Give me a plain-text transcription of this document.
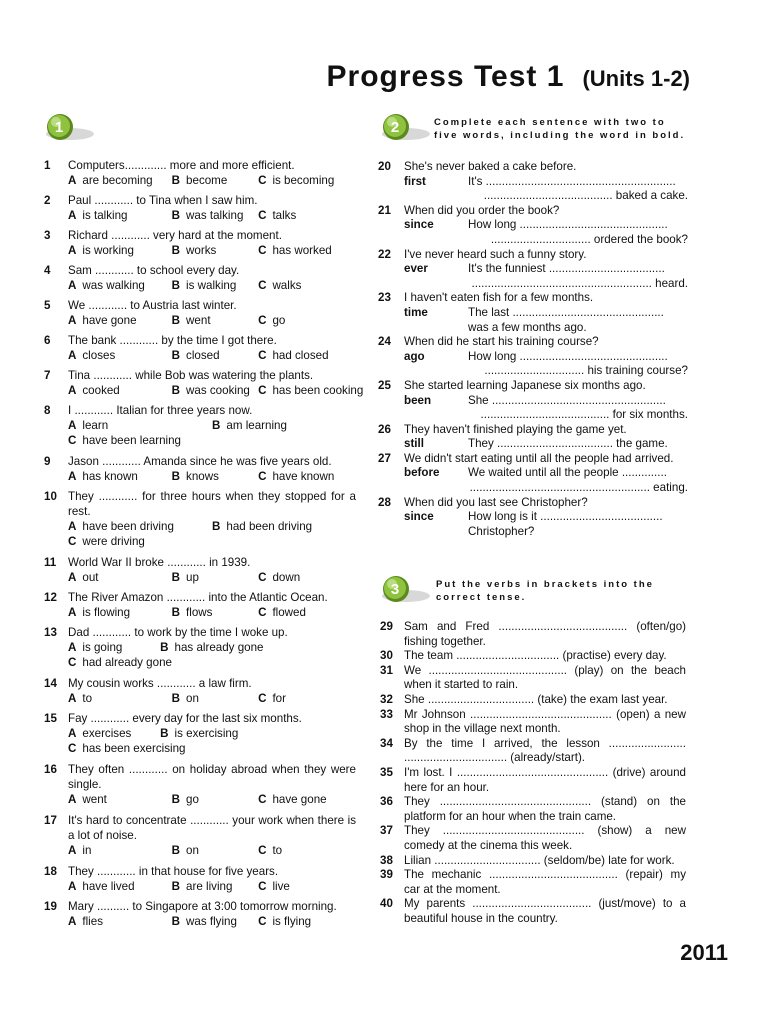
Progress Test 1 (Units 1-2)
1	2	Complete each sentence with two to five words, including the word in bold.
3	Put the verbs in brackets into the correct tense.
1	Computers............. more and more efficient.
A are becoming	B become	C is becoming
2	Paul ............ to Tina when I saw him.
A is talking	B was talking	C talks
3	Richard ............ very hard at the moment.
A is working	B works	C has worked
4	Sam ............ to school every day.
A was walking	B is walking	C walks
5	We ............ to Austria last winter.
A have gone	B went	C go
6	The bank ............ by the time I got there.
A closes	B closed	C had closed
7	Tina ............ while Bob was watering the plants.
A cooked	B was cooking C has been cooking
8	I ............ Italian for three years now.
A learn	B am learning
C have been learning
9	Jason ............ Amanda since he was five years old.
A has known	B knows	C have known
10 They ............ for three hours when they stopped for a rest.
A have been driving	B had been driving
C were driving
11	World War II broke ............ in 1939.
A out	B up	C down
12 The River Amazon ............ into the Atlantic Ocean.
A is flowing	B flows	C flowed
13 Dad ............ to work by the time I woke up.
A is going	B has already gone
C had already gone
14 My cousin works ............ a law firm.
A to	B on	C for
15 Fay ............ every day for the last six months.
A exercises	B is exercising
C has been exercising
16 They often ............ on holiday abroad when they were single.
A went	B go	C have gone
17 It's hard to concentrate ............ your work when there is a lot of noise.
A in	B on	C to
18 They ............ in that house for five years.
A have lived	B are living	C live
19 Mary .......... to Singapore at 3:00 tomorrow morning.
A flies	B was flying	C is flying
20	She's never baked a cake before.
first	It's ...........................................................
........................................ baked a cake.
21	When did you order the book?
since	How long ..............................................
............................... ordered the book?
22	I've never heard such a funny story.
ever	It's the funniest ....................................
........................................................ heard.
23	I haven't eaten fish for a few months.
time	The last ...............................................
was a few months ago.
24	When did he start his training course?
ago	How long ..............................................
............................... his training course?
25	She started learning Japanese six months ago.
been	She ......................................................
........................................ for six months.
26	They haven't finished playing the game yet.
still	They .................................... the game.
27	We didn't start eating until all the people had arrived.
before	We waited until all the people ..............
........................................................ eating.
28	When did you last see Christopher?
since	How long is it ......................................
Christopher?
29 Sam and Fred ........................................ (often/go) fishing together.
30 The team ................................ (practise) every day.
31 We ........................................... (play) on the beach when it started to rain.
32 She ................................. (take) the exam last year.
33 Mr Johnson ............................................ (open) a new shop in the village next month.
34 By the time I arrived, the lesson ........................ ................................ (already/start).
35 I'm lost. I ............................................... (drive) around here for an hour.
36 They ............................................... (stand) on the platform for an hour when the train came.
37 They ............................................ (show) a new comedy at the cinema this week.
38 Lilian ................................. (seldom/be) late for work.
39 The mechanic ........................................ (repair) my car at the moment.
40 My parents ..................................... (just/move) to a beautiful house in the country.
2011
